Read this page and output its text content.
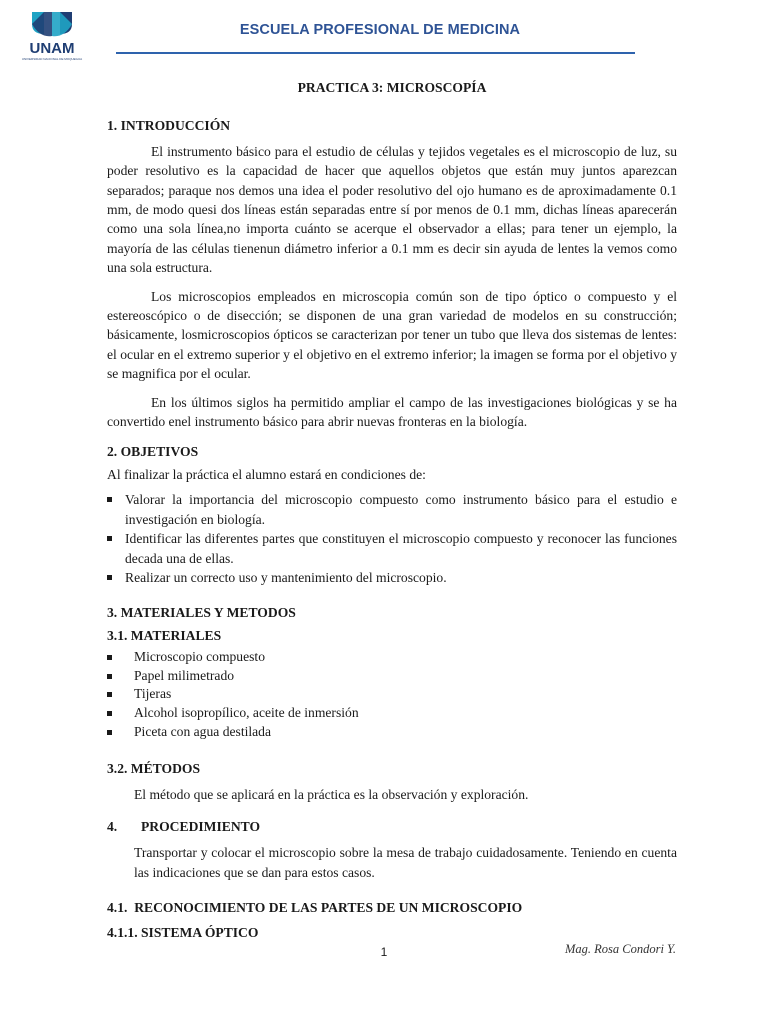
UNAM
UNIVERSIDAD NACIONAL DE MOQUEGUA
ESCUELA PROFESIONAL DE MEDICINA

PRACTICA 3: MICROSCOPÍA

1. INTRODUCCIÓN

El instrumento básico para el estudio de células y tejidos vegetales es el microscopio de luz, su poder resolutivo es la capacidad de hacer que aquellos objetos que están muy juntos aparezcan separados; paraque nos demos una idea el poder resolutivo del ojo humano es de aproximadamente 0.1 mm, de modo quesi dos líneas están separadas entre sí por menos de 0.1 mm, dichas líneas aparecerán como una sola línea,no importa cuánto se acerque el observador a ellas; para tener un ejemplo, la mayoría de las células tienenun diámetro inferior a 0.1 mm es decir sin ayuda de lentes la vemos como una sola estructura.

Los microscopios empleados en microscopia común son de tipo óptico o compuesto y el estereoscópico o de disección; se disponen de una gran variedad de modelos en su construcción; básicamente, losmicroscopios ópticos se caracterizan por tener un tubo que lleva dos sistemas de lentes: el ocular en el extremo superior y el objetivo en el extremo inferior; la imagen se forma por el objetivo y se magnifica por el ocular.

En los últimos siglos ha permitido ampliar el campo de las investigaciones biológicas y se ha convertido enel instrumento básico para abrir nuevas fronteras en la biología.

2. OBJETIVOS

Al finalizar la práctica el alumno estará en condiciones de:

Valorar la importancia del microscopio compuesto como instrumento básico para el estudio e investigación en biología.
Identificar las diferentes partes que constituyen el microscopio compuesto y reconocer las funciones decada una de ellas.
Realizar un correcto uso y mantenimiento del microscopio.

3. MATERIALES Y METODOS

3.1. MATERIALES

Microscopio compuesto
Papel milimetrado
Tijeras
Alcohol isopropílico, aceite de inmersión
Piceta con agua destilada

3.2. MÉTODOS

El método que se aplicará en la práctica es la observación y exploración.

4.       PROCEDIMIENTO

Transportar y colocar el microscopio sobre la mesa de trabajo cuidadosamente. Teniendo en cuenta las indicaciones que se dan para estos casos.

4.1.  RECONOCIMIENTO DE LAS PARTES DE UN MICROSCOPIO

4.1.1. SISTEMA ÓPTICO

1	Mag. Rosa Condori Y.
